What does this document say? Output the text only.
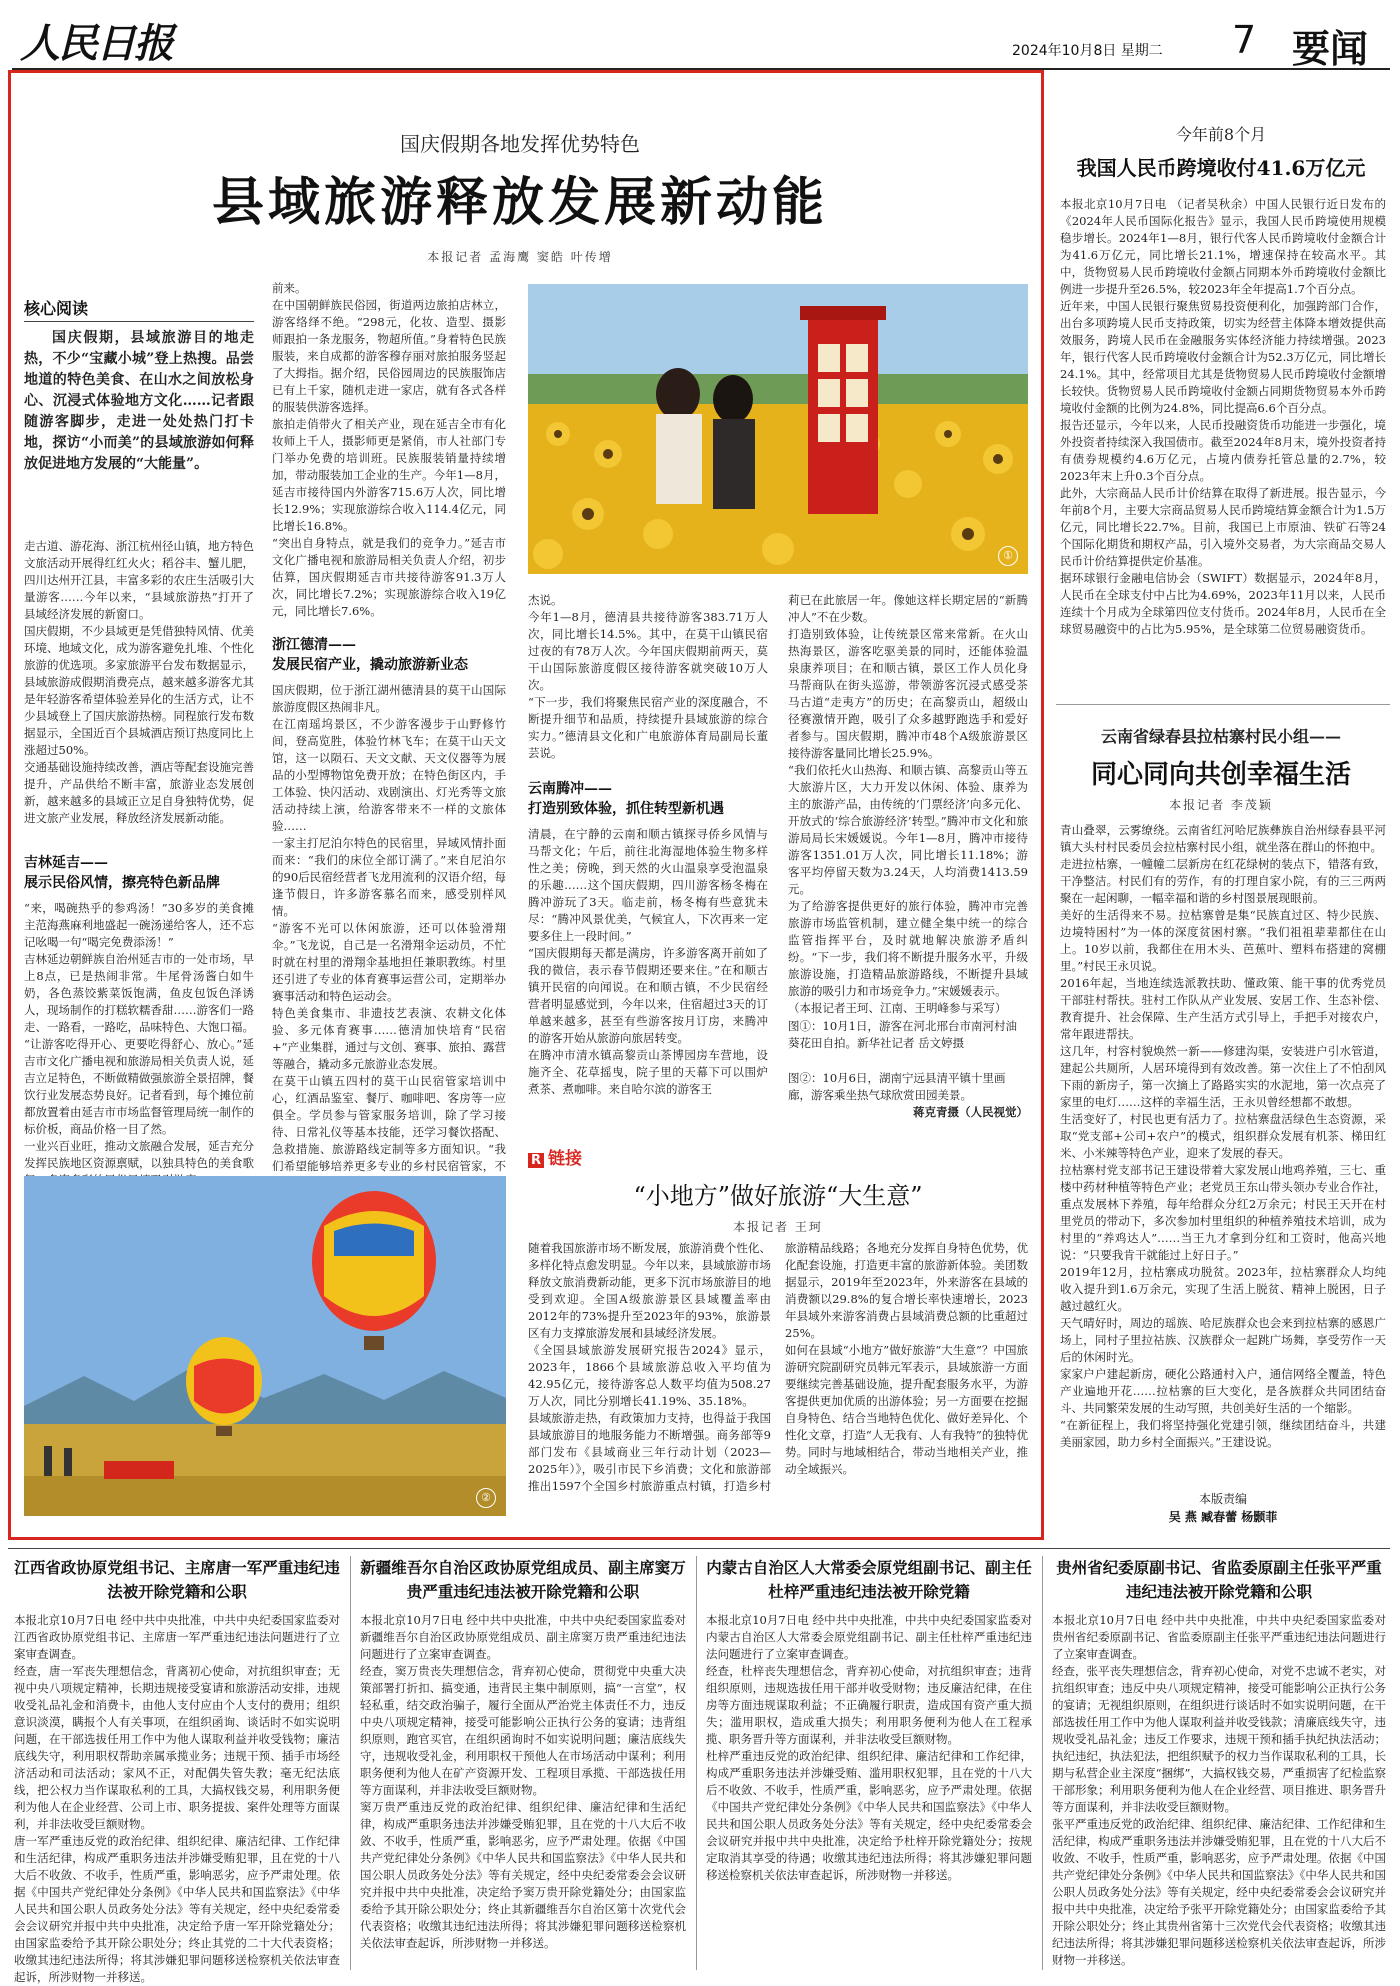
人民日报	2024年10月8日 星期二 7 要闻
国庆假期各地发挥优势特色
县域旅游释放发展新动能
本报记者 孟海鹰 窦皓 叶传增
核心阅读
国庆假期，县域旅游目的地走热，不少“宝藏小城”登上热搜。品尝地道的特色美食、在山水之间放松身心、沉浸式体验地方文化……记者跟随游客脚步，走进一处处热门打卡地，探访“小而美”的县域旅游如何释放促进地方发展的“大能量”。
走古道、游花海、浙江杭州径山镇，地方特色文旅活动开展得红红火火；稻谷丰、蟹儿肥，四川达州开江县，丰富多彩的农庄生活吸引大量游客……今年以来，“县域旅游热”打开了县域经济发展的新窗口。
国庆假期，不少县域更是凭借独特风情、优美环境、地域文化，成为游客避免扎堆、个性化旅游的优选项。多家旅游平台发布数据显示，县域旅游成假期消费亮点，越来越多游客尤其是年轻游客希望体验差异化的生活方式，让不少县域登上了国庆旅游热榜。同程旅行发布数据显示，全国近百个县城酒店预订热度同比上涨超过50%。
交通基础设施持续改善，酒店等配套设施完善提升，产品供给不断丰富，旅游业态发展创新，越来越多的县域正立足自身独特优势，促进文旅产业发展，释放经济发展新动能。
吉林延吉——
展示民俗风情，擦亮特色新品牌
“来，喝碗热乎的参鸡汤！”30多岁的美食摊主范海燕麻利地盛起一碗汤递给客人，还不忘记吆喝一句“喝完免费添汤！”
吉林延边朝鲜族自治州延吉市的一处市场，早上8点，已是热闹非常。牛尾骨汤酱白如牛奶，各色蒸饺紫菜饭饱满，鱼皮包饭色泽诱人，现场制作的打糕软糯香甜……游客们一路走、一路看，一路吃，品味特色、大饱口福。
“让游客吃得开心、更要吃得舒心、放心。”延吉市文化广播电视和旅游局相关负责人说，延吉立足特色，不断做精做强旅游全景招牌，餐饮行业发展态势良好。记者看到，每个摊位前都放置着由延吉市市场监督管理局统一制作的标价板，商品价格一目了然。
一业兴百业旺，推动文旅融合发展，延吉充分发挥民族地区资源禀赋，以独具特色的美食歌
前来。
在中国朝鲜族民俗园，街道两边旅拍店林立，游客络绎不绝。“298元，化妆、造型、摄影师跟拍一条龙服务，物超所值。”身着特色民族服装，来自成都的游客穆存丽对旅拍服务竖起了大拇指。据介绍，民俗园周边的民族服饰店已有上千家，随机走进一家店，就有各式各样的服装供游客选择。
旅拍走俏带火了相关产业，现在延吉全市有化妆师上千人，摄影师更是紧俏，市人社部门专门举办免费的培训班。民族服装销量持续增加，带动服装加工企业的生产。今年1—8月，延吉市接待国内外游客715.6万人次，同比增长12.9%；实现旅游综合收入114.4亿元，同比增长16.8%。
“突出自身特点，就是我们的竞争力。”延吉市文化广播电视和旅游局相关负责人介绍，初步估算，国庆假期延吉市共接待游客91.3万人次，同比增长7.2%；实现旅游综合收入19亿元，同比增长7.6%。
浙江德清——
发展民宿产业，撬动旅游新业态
国庆假期，位于浙江湖州德清县的莫干山国际旅游度假区热闹非凡。
在江南瑶坞景区，不少游客漫步于山野修竹间，登高览胜，体验竹林飞车；在莫干山天文馆，这一以陨石、天文文献、天文仪器等为展品的小型博物馆免费开放；在特色街区内，手工体验、快闪活动、戏剧演出、灯光秀等文旅活动持续上演，给游客带来不一样的文旅体验……
一家主打尼泊尔特色的民宿里，异域风情扑面而来：“我们的床位全部订满了。”来自尼泊尔的90后民宿经营者飞龙用流利的汉语介绍，每逢节假日，许多游客慕名而来，感受别样风情。
“游客不光可以休闲旅游，还可以体验滑翔伞。”飞龙说，自己是一名滑翔伞运动员，不忙时就在村里的滑翔伞基地担任兼职教练。村里还引进了专业的体育赛事运营公司，定期举办赛事活动和特色运动会。
特色美食集市、非遗技艺表演、农耕文化体验、多元体育赛事……德清加快培育“民宿+”产业集群，通过与文创、赛事、旅拍、露营等融合，撬动多元旅游业态发展。
在莫干山镇五四村的莫干山民宿管家培训中心，红酒品鉴室、餐厅、咖啡吧、客房等一应俱全。学员参与管家服务培训，除了学习接待、日常礼仪等基本技能，还学习餐饮搭配、急救措施、旅游路线定制等多方面知识。“我们希望能够培养更多专业的乡村民宿管家，不
①
杰说。
今年1—8月，德清县共接待游客383.71万人次，同比增长14.5%。其中，在莫干山镇民宿过夜的有78万人次。今年国庆假期前两天，莫干山国际旅游度假区接待游客就突破10万人次。
“下一步，我们将聚焦民宿产业的深度融合，不断提升细节和品质，持续提升县域旅游的综合实力。”德清县文化和广电旅游体育局副局长董芸说。
云南腾冲——
打造别致体验，抓住转型新机遇
清晨，在宁静的云南和顺古镇探寻侨乡风情与马帮文化；午后，前往北海湿地体验生物多样性之美；傍晚，到天然的火山温泉享受泡温泉的乐趣……这个国庆假期，四川游客杨冬梅在腾冲游玩了3天。临走前，杨冬梅有些意犹未尽：“腾冲风景优美，气候宜人，下次再来一定要多住上一段时间。”
“国庆假期每天都是满房，许多游客离开前如了我的微信，表示春节假期还要来住。”在和顺古镇开民宿的向闻说。在和顺古镇，不少民宿经营者明显感觉到，今年以来，住宿超过3天的订单越来越多，甚至有些游客按月订房，来腾冲的游客开始从旅游向旅居转变。
在腾冲市清水镇高黎贡山茶博园房车营地，设施齐全、花草摇曳，院子里的天幕下可以围炉煮茶、煮咖啡。来自哈尔滨的游客王
莉已在此旅居一年。像她这样长期定居的“新腾冲人”不在少数。
打造别致体验，让传统景区常来常新。在火山热海景区，游客吃驱美景的同时，还能体验温泉康养项目；在和顺古镇，景区工作人员化身马帮商队在街头巡游，带领游客沉浸式感受茶马古道“走夷方”的历史；在高黎贡山，超级山径赛激情开跑，吸引了众多越野跑选手和爱好者参与。国庆假期，腾冲市48个A级旅游景区接待游客量同比增长25.9%。
“我们依托火山热海、和顺古镇、高黎贡山等五大旅游片区，大力开发以休闲、体验、康养为主的旅游产品，由传统的‘门票经济’向多元化、开放式的‘综合旅游经济’转型。”腾冲市文化和旅游局局长宋媛媛说。今年1—8月，腾冲市接待游客1351.01万人次，同比增长11.18%；游客平均停留天数为3.24天，人均消费1413.59元。
为了给游客提供更好的旅行体验，腾冲市完善旅游市场监管机制，建立健全集中统一的综合监管指挥平台，及时就地解决旅游矛盾纠纷。“下一步，我们将不断提升服务水平，升级旅游设施，打造精品旅游路线，不断提升县域旅游的吸引力和市场竞争力。”宋媛媛表示。
（本报记者王珂、江南、王明峰参与采写）
图①：10月1日，游客在河北邢台市南河村油葵花田自拍。新华社记者 岳文婷摄
图②：10月6日，湖南宁远县清平镇十里画廊，游客乘坐热气球欣赏田园美景。
蒋克青摄（人民视觉）
②
R 链接
“小地方”做好旅游“大生意”
本报记者 王珂
随着我国旅游市场不断发展，旅游消费个性化、多样化特点愈发明显。今年以来，县域旅游市场释放文旅消费新动能，更多下沉市场旅游目的地受到欢迎。全国A级旅游景区县域覆盖率由2012年的73%提升至2023年的93%，旅游景区有力支撑旅游发展和县域经济发展。
《全国县域旅游发展研究报告2024》显示，2023年，1866个县域旅游总收入平均值为42.95亿元，接待游客总人数平均值为508.27万人次，同比分别增长41.19%、35.18%。
县域旅游走热，有政策加力支持，也得益于我国县域旅游目的地服务能力不断增强。商务部等9部门发布《县域商业三年行动计划（2023—2025年）》，吸引市民下乡消费；文化和旅游部推出1597个全国乡村旅游重点村镇，打造乡村旅游精品线路；各地充分发挥自身特色优势，优化配套设施，打造更丰富的旅游新体验。美团数据显示，2019年至2023年，外来游客在县域的消费额以29.8%的复合增长率快速增长，2023年县域外来游客消费占县域消费总额的比重超过25%。
如何在县域“小地方”做好旅游“大生意”？中国旅游研究院副研究员韩元军表示，县域旅游一方面要继续完善基础设施，提升配套服务水平，为游客提供更加优质的出游体验；另一方面要在挖掘自身特色、结合当地特色优化、做好差异化、个性化文章，打造“人无我有、人有我特”的独特优势。同时与地域相结合，带动当地相关产业，推动全域振兴。
今年前8个月
我国人民币跨境收付41.6万亿元
本报北京10月7日电 （记者吴秋余）中国人民银行近日发布的《2024年人民币国际化报告》显示，我国人民币跨境使用规模稳步增长。2024年1—8月，银行代客人民币跨境收付金额合计为41.6万亿元，同比增长21.1%，增速保持在较高水平。其中，货物贸易人民币跨境收付金额占同期本外币跨境收付金额比例进一步提升至26.5%，较2023年全年提高1.7个百分点。
近年来，中国人民银行聚焦贸易投资便利化，加强跨部门合作，出台多项跨境人民币支持政策，切实为经营主体降本增效提供高效服务，跨境人民币在金融服务实体经济能力持续增强。2023年，银行代客人民币跨境收付金额合计为52.3万亿元，同比增长24.1%。其中，经常项目尤其是货物贸易人民币跨境收付金额增长较快。货物贸易人民币跨境收付金额占同期货物贸易本外币跨境收付金额的比例为24.8%，同比提高6.6个百分点。
报告还显示，今年以来，人民币投融资货币功能进一步强化，境外投资者持续深入我国债市。截至2024年8月末，境外投资者持有债券规模约4.6万亿元，占境内债券托管总量的2.7%，较2023年末上升0.3个百分点。
此外，大宗商品人民币计价结算在取得了新进展。报告显示，今年前8个月，主要大宗商品贸易人民币跨境结算金额合计为1.5万亿元，同比增长22.7%。目前，我国已上市原油、铁矿石等24个国际化期货和期权产品，引入境外交易者，为大宗商品交易人民币计价结算提供定价基准。
据环球银行金融电信协会（SWIFT）数据显示，2024年8月，人民币在全球支付中占比为4.69%，2023年11月以来，人民币连续十个月成为全球第四位支付货币。2024年8月，人民币在全球贸易融资中的占比为5.95%，是全球第二位贸易融资货币。
云南省绿春县拉枯寨村民小组——
同心同向共创幸福生活
本报记者 李茂颖
青山叠翠，云雾缭绕。云南省红河哈尼族彝族自治州绿春县平河镇大头村村民委员会拉枯寨村民小组，就坐落在群山的怀抱中。
走进拉枯寨，一幢幢二层新房在红花绿树的装点下，错落有致，干净整洁。村民们有的劳作，有的打理自家小院，有的三三两两聚在一起闲聊，一幅幸福和谐的乡村图景展现眼前。
美好的生活得来不易。拉枯寨曾是集“民族直过区、特少民族、边境特困村”为一体的深度贫困村寨。“我们祖祖辈辈都住在山上。10岁以前，我都住在用木头、芭蕉叶、塑料布搭建的窝棚里。”村民王永贝说。
2016年起，当地连续选派教扶助、懂政策、能干事的优秀党员干部驻村帮扶。驻村工作队从产业发展、安居工作、生态补偿、教育提升、社会保障、生产生活方式引导上，手把手对接农户，常年跟进帮扶。
这几年，村容村貌焕然一新——修建沟渠，安装进户引水管道，建起公共厕所，人居环境得到有效改善。第一次住上了不怕刮风下雨的新房子，第一次摘上了路路实实的水泥地，第一次点亮了家里的电灯……这样的幸福生活，王永贝曾经想都不敢想。
生活变好了，村民也更有活力了。拉枯寨盘活绿色生态资源，采取“党支部+公司+农户”的模式，组织群众发展有机茶、梯田红米、小米辣等特色产业，迎来了发展的春天。
拉枯寨村党支部书记王建设带着大家发展山地鸡养殖，三七、重楼中药材种植等特色产业；老党员王东山带头领办专业合作社，重点发展林下养殖，每年给群众分红2万余元；村民王天开在村里党员的带动下，多次参加村里组织的种植养殖技术培训，成为村里的“养鸡达人”……当王九才拿到分红和工资时，他高兴地说：“只要我肯干就能过上好日子。”
2019年12月，拉枯寨成功脱贫。2023年，拉枯寨群众人均纯收入提升到1.6万余元，实现了生活上脱贫、精神上脱困，日子越过越红火。
天气晴好时，周边的瑶族、哈尼族群众也会来到拉枯寨的感恩广场上，同村子里拉祜族、汉族群众一起跳广场舞，享受劳作一天后的休闲时光。
家家户户建起新房，硬化公路通村入户，通信网络全覆盖，特色产业遍地开花……拉枯寨的巨大变化，是各族群众共同团结奋斗、共同繁荣发展的生动写照，共创美好生活的一个缩影。
“在新征程上，我们将坚持强化党建引领，继续团结奋斗，共建美丽家园，助力乡村全面振兴。”王建设说。
本版责编
吴 燕 臧春蕾 杨颢菲
江西省政协原党组书记、主席唐一军严重违纪违法被开除党籍和公职
本报北京10月7日电 经中共中央批准，中共中央纪委国家监委对江西省政协原党组书记、主席唐一军严重违纪违法问题进行了立案审查调查。
经查，唐一军丧失理想信念，背离初心使命，对抗组织审查；无视中央八项规定精神，长期违规接受宴请和旅游活动安排，违规收受礼品礼金和消费卡，由他人支付应由个人支付的费用；组织意识淡漠，瞒报个人有关事项，在组织函询、谈话时不如实说明问题，在干部选拔任用工作中为他人谋取利益并收受钱物；廉洁底线失守，利用职权帮助亲属承揽业务；违规干预、插手市场经济活动和司法活动；家风不正，对配偶失管失教；毫无纪法底线，把公权力当作谋取私利的工具，大搞权钱交易，利用职务便利为他人在企业经营、公司上市、职务提拔、案件处理等方面谋利，并非法收受巨额财物。
唐一军严重违反党的政治纪律、组织纪律、廉洁纪律、工作纪律和生活纪律，构成严重职务违法并涉嫌受贿犯罪，且在党的十八大后不收敛、不收手，性质严重，影响恶劣，应予严肃处理。依据《中国共产党纪律处分条例》《中华人民共和国监察法》《中华人民共和国公职人员政务处分法》等有关规定，经中央纪委常委会会议研究并报中共中央批准，决定给予唐一军开除党籍处分；由国家监委给予其开除公职处分；终止其党的二十大代表资格；收缴其违纪违法所得；将其涉嫌犯罪问题移送检察机关依法审查起诉，所涉财物一并移送。
新疆维吾尔自治区政协原党组成员、副主席窦万贵严重违纪违法被开除党籍和公职
本报北京10月7日电 经中共中央批准，中共中央纪委国家监委对新疆维吾尔自治区政协原党组成员、副主席窦万贵严重违纪违法问题进行了立案审查调查。
经查，窦万贵丧失理想信念，背弃初心使命，贯彻党中央重大决策部署打折扣、搞变通，违背民主集中制原则，搞“一言堂”，权轻私重，结交政治骗子，履行全面从严治党主体责任不力，违反中央八项规定精神，接受可能影响公正执行公务的宴请；违背组织原则，跑官买官，在组织函询时不如实说明问题；廉洁底线失守，违规收受礼金，利用职权干预他人在市场活动中谋利；利用职务便利为他人在矿产资源开发、工程项目承揽、干部选拔任用等方面谋利，并非法收受巨额财物。
窦万贵严重违反党的政治纪律、组织纪律、廉洁纪律和生活纪律，构成严重职务违法并涉嫌受贿犯罪，且在党的十八大后不收敛、不收手，性质严重，影响恶劣，应予严肃处理。依据《中国共产党纪律处分条例》《中华人民共和国监察法》《中华人民共和国公职人员政务处分法》等有关规定，经中央纪委常委会会议研究并报中共中央批准，决定给予窦万贵开除党籍处分；由国家监委给予其开除公职处分；终止其新疆维吾尔自治区第十次党代会代表资格；收缴其违纪违法所得；将其涉嫌犯罪问题移送检察机关依法审查起诉，所涉财物一并移送。
内蒙古自治区人大常委会原党组副书记、副主任杜梓严重违纪违法被开除党籍
本报北京10月7日电 经中共中央批准，中共中央纪委国家监委对内蒙古自治区人大常委会原党组副书记、副主任杜梓严重违纪违法问题进行了立案审查调查。
经查，杜梓丧失理想信念，背弃初心使命，对抗组织审查；违背组织原则，违规选拔任用干部并收受财物；违反廉洁纪律，在住房等方面违规谋取利益；不正确履行职责，造成国有资产重大损失；滥用职权，造成重大损失；利用职务便利为他人在工程承揽、职务晋升等方面谋利，并非法收受巨额财物。
杜梓严重违反党的政治纪律、组织纪律、廉洁纪律和工作纪律，构成严重职务违法并涉嫌受贿、滥用职权犯罪，且在党的十八大后不收敛、不收手，性质严重，影响恶劣，应予严肃处理。依据《中国共产党纪律处分条例》《中华人民共和国监察法》《中华人民共和国公职人员政务处分法》等有关规定，经中央纪委常委会会议研究并报中共中央批准，决定给予杜梓开除党籍处分；按规定取消其享受的待遇；收缴其违纪违法所得；将其涉嫌犯罪问题移送检察机关依法审查起诉，所涉财物一并移送。
贵州省纪委原副书记、省监委原副主任张平严重违纪违法被开除党籍和公职
本报北京10月7日电 经中共中央批准，中共中央纪委国家监委对贵州省纪委原副书记、省监委原副主任张平严重违纪违法问题进行了立案审查调查。
经查，张平丧失理想信念，背弃初心使命，对党不忠诚不老实，对抗组织审查；违反中央八项规定精神，接受可能影响公正执行公务的宴请；无视组织原则，在组织进行谈话时不如实说明问题，在干部选拔任用工作中为他人谋取利益并收受钱款；清廉底线失守，违规收受礼品礼金；违反工作要求，违规干预和插手执纪执法活动；执纪违纪，执法犯法，把组织赋予的权力当作谋取私利的工具，长期与私营企业主深度“捆绑”，大搞权钱交易，严重损害了纪检监察干部形象；利用职务便利为他人在企业经营、项目推进、职务晋升等方面谋利，并非法收受巨额财物。
张平严重违反党的政治纪律、组织纪律、廉洁纪律、工作纪律和生活纪律，构成严重职务违法并涉嫌受贿犯罪，且在党的十八大后不收敛、不收手，性质严重，影响恶劣，应予严肃处理。依据《中国共产党纪律处分条例》《中华人民共和国监察法》《中华人民共和国公职人员政务处分法》等有关规定，经中央纪委常委会会议研究并报中共中央批准，决定给予张平开除党籍处分；由国家监委给予其开除公职处分；终止其贵州省第十三次党代会代表资格；收缴其违纪违法所得；将其涉嫌犯罪问题移送检察机关依法审查起诉，所涉财物一并移送。
